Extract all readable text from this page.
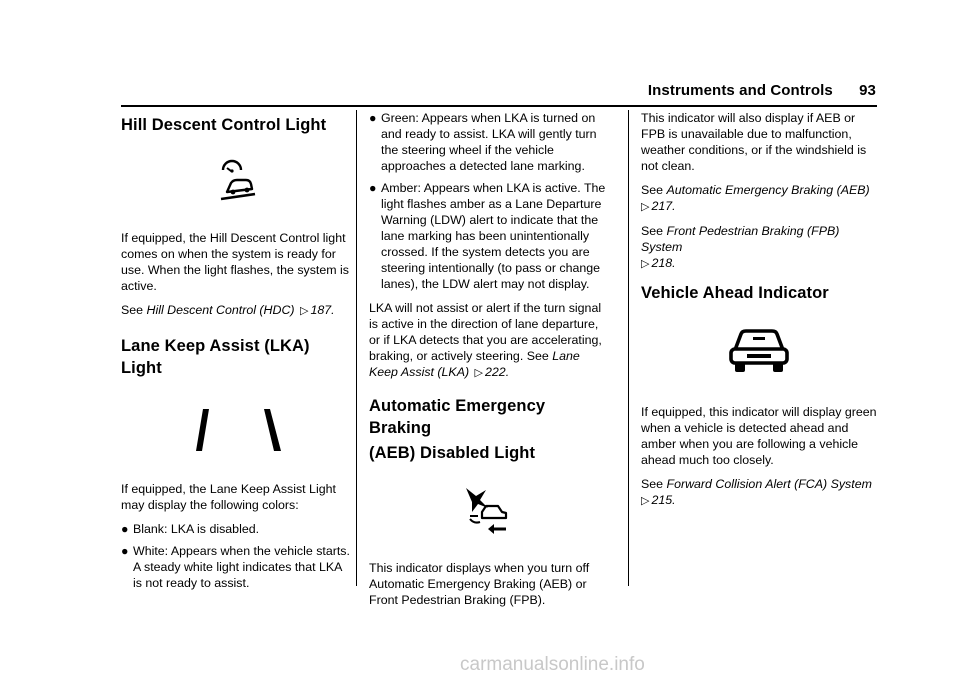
Instruments and Controls 93
Hill Descent Control Light

If equipped, the Hill Descent Control light comes on when the system is ready for use. When the light flashes, the system is active.

See Hill Descent Control (HDC) ▷ 187.

Lane Keep Assist (LKA) Light

If equipped, the Lane Keep Assist Light may display the following colors:

● Blank: LKA is disabled.
● White: Appears when the vehicle starts. A steady white light indicates that LKA is not ready to assist.
● Green: Appears when LKA is turned on and ready to assist. LKA will gently turn the steering wheel if the vehicle approaches a detected lane marking.
● Amber: Appears when LKA is active. The light flashes amber as a Lane Departure Warning (LDW) alert to indicate that the lane marking has been unintentionally crossed. If the system detects you are steering intentionally (to pass or change lanes), the LDW alert may not display.

LKA will not assist or alert if the turn signal is active in the direction of lane departure, or if LKA detects that you are accelerating, braking, or actively steering. See Lane Keep Assist (LKA) ▷ 222.

Automatic Emergency Braking
(AEB) Disabled Light

This indicator displays when you turn off Automatic Emergency Braking (AEB) or Front Pedestrian Braking (FPB).

This indicator will also display if AEB or FPB is unavailable due to malfunction, weather conditions, or if the windshield is not clean.

See Automatic Emergency Braking (AEB)
▷ 217.

See Front Pedestrian Braking (FPB) System
▷ 218.

Vehicle Ahead Indicator

If equipped, this indicator will display green when a vehicle is detected ahead and amber when you are following a vehicle ahead much too closely.

See Forward Collision Alert (FCA) System
▷ 215.

carmanualsonline.info
